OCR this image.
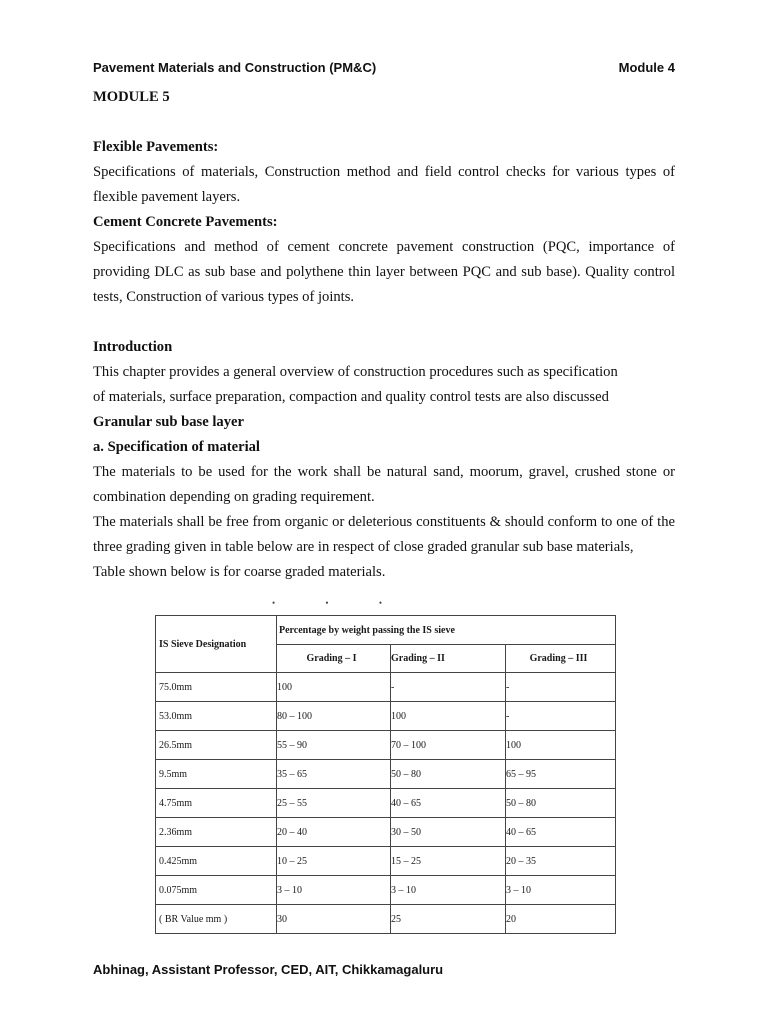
Pavement Materials and Construction (PM&C)	Module 4

MODULE 5

Flexible Pavements:

Specifications of materials, Construction method and field control checks for various types of flexible pavement layers.

Cement Concrete Pavements:

Specifications and method of cement concrete pavement construction (PQC, importance of providing DLC as sub base and polythene thin layer between PQC and sub base). Quality control tests, Construction of various types of joints.

Introduction

This chapter provides a general overview of construction procedures such as specification

of materials, surface preparation, compaction and quality control tests are also discussed

Granular sub base layer

a. Specification of material

The materials to be used for the work shall be natural sand, moorum, gravel, crushed stone or combination depending on grading requirement.

The materials shall be free from organic or deleterious constituents & should conform to one of the three grading given in table below are in respect of close graded granular sub base materials,

Table shown below is for coarse graded materials.

•	•	•
IS Sieve Designation	Percentage by weight passing the IS sieve		
	Grading – I	Grading – II	Grading – III
75.0mm	100	-	-
53.0mm	80 – 100	100	-
26.5mm	55 – 90	70 – 100	100
9.5mm	35 – 65	50 – 80	65 – 95
4.75mm	25 – 55	40 – 65	50 – 80
2.36mm	20 – 40	30 – 50	40 – 65
0.425mm	10 – 25	15 – 25	20 – 35
0.075mm	3 – 10	3 – 10	3 – 10
( BR Value mm )	30	25	20
Abhinag, Assistant Professor, CED, AIT, Chikkamagaluru
